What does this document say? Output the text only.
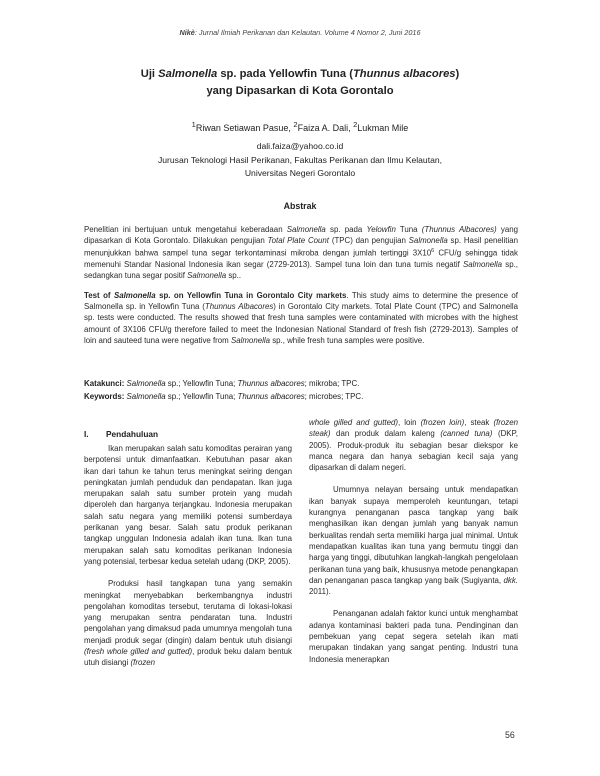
Nikè: Jurnal Ilmiah Perikanan dan Kelautan. Volume 4 Nomor 2, Juni 2016
Uji Salmonella sp. pada Yellowfin Tuna (Thunnus albacores)
yang Dipasarkan di Kota Gorontalo
$^1$Riwan Setiawan Pasue, $^2$Faiza A. Dali, $^2$Lukman Mile
dali.faiza@yahoo.co.id
Jurusan Teknologi Hasil Perikanan, Fakultas Perikanan dan Ilmu Kelautan,
Universitas Negeri Gorontalo
Abstrak
Penelitian ini bertujuan untuk mengetahui keberadaan Salmonella sp. pada Yelowfin Tuna (Thunnus Albacores) yang dipasarkan di Kota Gorontalo. Dilakukan pengujian Total Plate Count (TPC) dan pengujian Salmonella sp. Hasil penelitian menunjukkan bahwa sampel tuna segar terkontaminasi mikroba dengan jumlah tertinggi $3X10^6$ CFU/g sehingga tidak memenuhi Standar Nasional Indonesia ikan segar (2729-2013). Sampel tuna loin dan tuna tumis negatif Salmonella sp., sedangkan tuna segar positif Salmonella sp..
Test of Salmonella sp. on Yellowfin Tuna in Gorontalo City markets. This study aims to determine the presence of Salmonella sp. in Yellowfin Tuna (Thunnus Albacores) in Gorontalo City markets. Total Plate Count (TPC) and Salmonella sp. tests were conducted. The results showed that fresh tuna samples were contaminated with microbes with the highest amount of 3X106 CFU/g therefore failed to meet the Indonesian National Standard of fresh fish (2729-2013). Samples of loin and sauteed tuna were negative from Salmonella sp., while fresh tuna samples were positive.
Katakunci: Salmonella sp.; Yellowfin Tuna; Thunnus albacores; mikroba; TPC.
Keywords: Salmonella sp.; Yellowfin Tuna; Thunnus albacores; microbes; TPC.
I. Pendahuluan

Ikan merupakan salah satu komoditas perairan yang berpotensi untuk dimanfaatkan. Kebutuhan pasar akan ikan dari tahun ke tahun terus meningkat seiring dengan peningkatan jumlah penduduk dan pendapatan. Ikan juga merupakan salah satu sumber protein yang mudah diperoleh dan harganya terjangkau. Indonesia merupakan salah satu negara yang memiliki potensi sumberdaya perikanan yang besar. Salah satu produk perikanan tangkap unggulan Indonesia adalah ikan tuna. Ikan tuna merupakan salah satu komoditas perikanan Indonesia yang potensial, terbesar kedua setelah udang (DKP, 2005).

Produksi hasil tangkapan tuna yang semakin meningkat menyebabkan berkembangnya industri pengolahan komoditas tersebut, terutama di lokasi-lokasi yang merupakan sentra pendaratan tuna. Industri pengolahan yang dimaksud pada umumnya mengolah tuna menjadi produk segar (dingin) dalam bentuk utuh disiangi (fresh whole gilled and gutted), produk beku dalam bentuk utuh disiangi (frozen

whole gilled and gutted), loin (frozen loin), steak (frozen steak) dan produk dalam kaleng (canned tuna) (DKP, 2005). Produk-produk itu sebagian besar diekspor ke manca negara dan hanya sebagian kecil saja yang dipasarkan di dalam negeri.

Umumnya nelayan bersaing untuk mendapatkan ikan banyak supaya memperoleh keuntungan, tetapi kurangnya penanganan pasca tangkap yang baik menghasilkan ikan dengan jumlah yang banyak namun berkualitas rendah serta memiliki harga jual minimal. Untuk mendapatkan kualitas ikan tuna yang bermutu tinggi dan harga yang tinggi, dibutuhkan langkah-langkah pengelolaan perikanan tuna yang baik, khususnya metode penangkapan dan penanganan pasca tangkap yang baik (Sugiyanta, dkk. 2011).

Penanganan adalah faktor kunci untuk menghambat adanya kontaminasi bakteri pada tuna. Pendinginan dan pembekuan yang cepat segera setelah ikan mati merupakan tindakan yang sangat penting. Industri tuna Indonesia menerapkan

56
